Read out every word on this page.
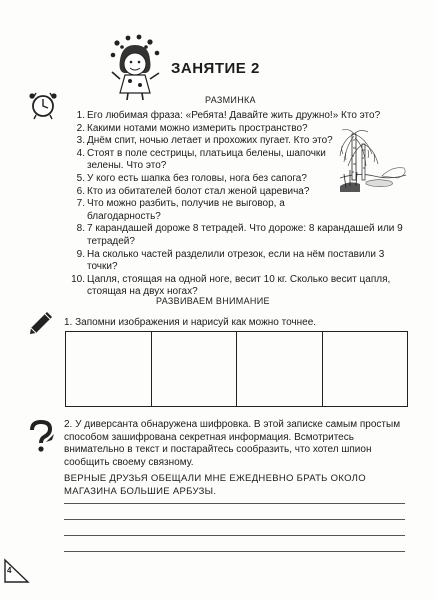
ЗАНЯТИЕ 2
РАЗМИНКА
1. Его любимая фраза: «Ребята! Давайте жить дружно!» Кто это?
2. Какими нотами можно измерить пространство?
3. Днём спит, ночью летает и прохожих пугает. Кто это?
4. Стоят в поле сестрицы, платьица белены, шапочки зелены. Что это?
5. У кого есть шапка без головы, нога без сапога?
6. Кто из обитателей болот стал женой царевича?
7. Что можно разбить, получив не выговор, а благодарность?
8. 7 карандашей дороже 8 тетрадей. Что дороже: 8 карандашей или 9 тетрадей?
9. На сколько частей разделили отрезок, если на нём поставили 3 точки?
10. Цапля, стоящая на одной ноге, весит 10 кг. Сколько весит цапля, стоящая на двух ногах?
РАЗВИВАЕМ ВНИМАНИЕ
1. Запомни изображения и нарисуй как можно точнее.
2. У диверсанта обнаружена шифровка. В этой записке самым простым способом зашифрована секретная информация. Всмотритесь внимательно в текст и постарайтесь сообразить, что хотел шпион сообщить своему связному.
ВЕРНЫЕ ДРУЗЬЯ ОБЕЩАЛИ МНЕ ЕЖЕДНЕВНО БРАТЬ ОКОЛО МАГАЗИНА БОЛЬШИЕ АРБУЗЫ.
4
